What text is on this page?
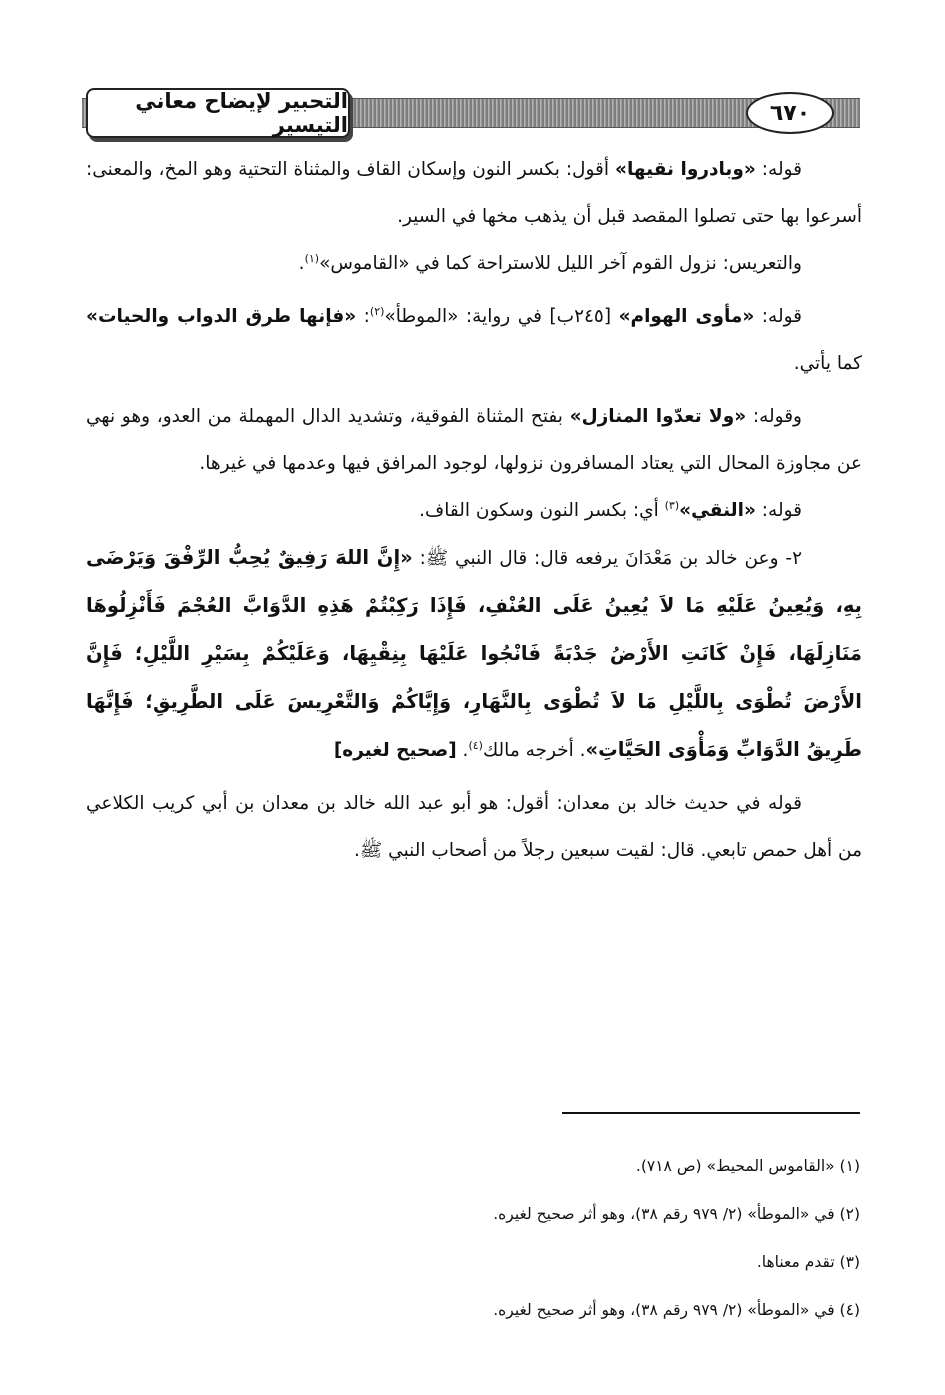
التحبير لإيضاح معاني التيسير	٦٧٠

قوله: «وبادروا نقيها» أقول: بكسر النون وإسكان القاف والمثناة التحتية وهو المخ، والمعنى: أسرعوا بها حتى تصلوا المقصد قبل أن يذهب مخها في السير.

والتعريس: نزول القوم آخر الليل للاستراحة كما في «القاموس»$^{(١)}$.

قوله: «مأوى الهوام» [٢٤٥ب] في رواية: «الموطأ»$^{(٢)}$: «فإنها طرق الدواب والحيات» كما يأتي.

وقوله: «ولا تعدّوا المنازل» بفتح المثناة الفوقية، وتشديد الدال المهملة من العدو، وهو نهي عن مجاوزة المحال التي يعتاد المسافرون نزولها، لوجود المرافق فيها وعدمها في غيرها.

قوله: «النقي»$^{(٣)}$ أي: بكسر النون وسكون القاف.

٢- وعن خالد بن مَعْدَانَ يرفعه قال: قال النبي ﷺ: «إِنَّ اللهَ رَفِيقٌ يُحِبُّ الرِّفْقَ وَيَرْضَى بِهِ، وَيُعِينُ عَلَيْهِ مَا لاَ يُعِينُ عَلَى العُنْفِ، فَإِذَا رَكِبْتُمْ هَذِهِ الدَّوَابَّ العُجْمَ فَأَنْزِلُوهَا مَنَازِلَهَا، فَإِنْ كَانَتِ الأَرْضُ جَدْبَةً فَانْجُوا عَلَيْهَا بِنِقْيِهَا، وَعَلَيْكُمْ بِسَيْرِ اللَّيْلِ؛ فَإِنَّ الأَرْضَ تُطْوَى بِاللَّيْلِ مَا لاَ تُطْوَى بِالنَّهَارِ، وَإِيَّاكُمْ وَالتَّعْرِيسَ عَلَى الطَّرِيقِ؛ فَإِنَّهَا طَرِيقُ الدَّوَابِّ وَمَأْوَى الحَيَّاتِ». أخرجه مالك$^{(٤)}$. [صحيح لغيره]

قوله في حديث خالد بن معدان: أقول: هو أبو عبد الله خالد بن معدان بن أبي كريب الكلاعي من أهل حمص تابعي. قال: لقيت سبعين رجلاً من أصحاب النبي ﷺ.

(١) «القاموس المحيط» (ص ٧١٨).

(٢) في «الموطأ» (٢/ ٩٧٩ رقم ٣٨)، وهو أثر صحيح لغيره.

(٣) تقدم معناها.

(٤) في «الموطأ» (٢/ ٩٧٩ رقم ٣٨)، وهو أثر صحيح لغيره.
